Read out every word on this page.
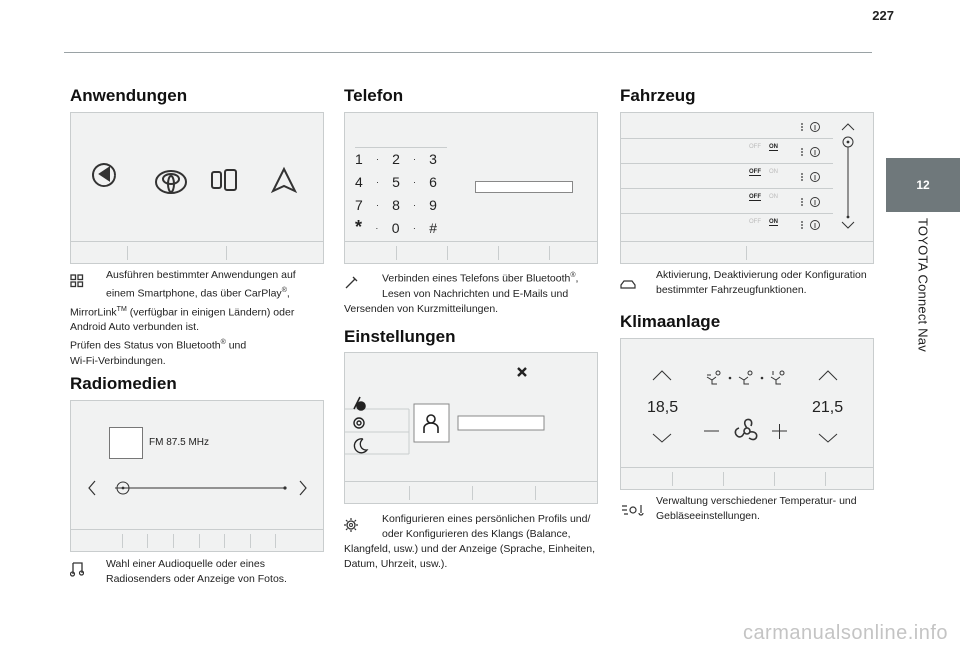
227
12
TOYOTA Connect Nav
Anwendungen

Ausführen bestimmter Anwendungen auf

einem Smartphone, das über CarPlay®,

MirrorLink™ (verfügbar in einigen Ländern) oder

Android Auto verbunden ist.

Prüfen des Status von Bluetooth® und

Wi-Fi-Verbindungen.

Radiomedien
FM 87.5 MHz

Wahl einer Audioquelle oder eines

Radiosenders oder Anzeige von Fotos.

Telefon
1 · 2 · 3
4 · 5 · 6
7 · 8 · 9
* · 0 · #

Verbinden eines Telefons über Bluetooth®,

Lesen von Nachrichten und E-Mails und

Versenden von Kurzmitteilungen.

Einstellungen

Konfigurieren eines persönlichen Profils und/

oder Konfigurieren des Klangs (Balance,

Klangfeld, usw.) und der Anzeige (Sprache, Einheiten,

Datum, Uhrzeit, usw.).

Fahrzeug
OFF ON
OFF ON
OFF ON
OFF ON

Aktivierung, Deaktivierung oder Konfiguration

bestimmter Fahrzeugfunktionen.

Klimaanlage
18,5	21,5

Verwaltung verschiedener Temperatur- und

Gebläseeinstellungen.

carmanualsonline.info
